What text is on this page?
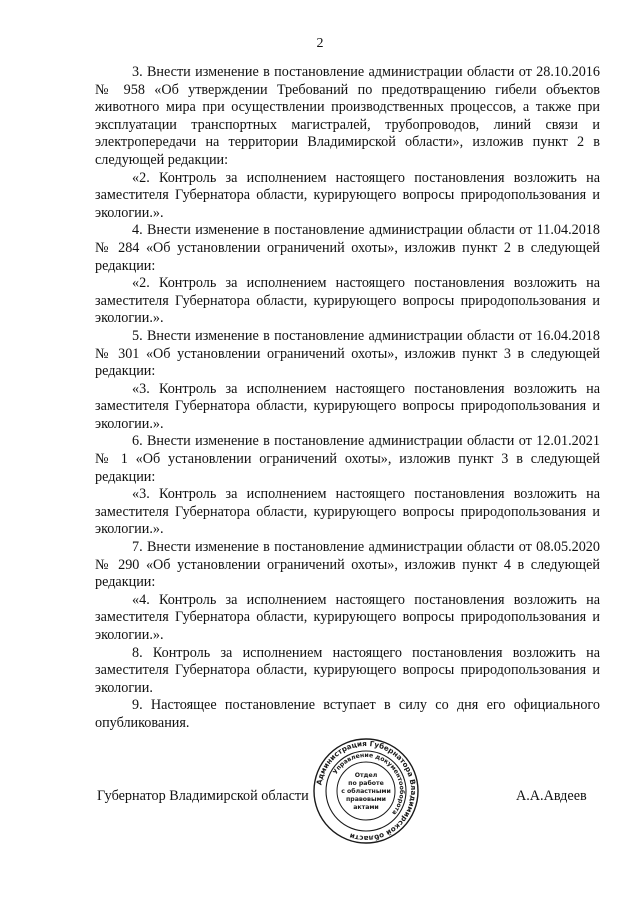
2

3. Внести изменение в постановление администрации области от 28.10.2016 № 958 «Об утверждении Требований по предотвращению гибели объектов животного мира при осуществлении производственных процессов, а также при эксплуатации транспортных магистралей, трубопроводов, линий связи и электропередачи на территории Владимирской области», изложив пункт 2 в следующей редакции:

«2. Контроль за исполнением настоящего постановления возложить на заместителя Губернатора области, курирующего вопросы природопользования и экологии.».

4. Внести изменение в постановление администрации области от 11.04.2018 № 284 «Об установлении ограничений охоты», изложив пункт 2 в следующей редакции:

«2. Контроль за исполнением настоящего постановления возложить на заместителя Губернатора области, курирующего вопросы природопользования и экологии.».

5. Внести изменение в постановление администрации области от 16.04.2018 № 301 «Об установлении ограничений охоты», изложив пункт 3 в следующей редакции:

«3. Контроль за исполнением настоящего постановления возложить на заместителя Губернатора области, курирующего вопросы природопользования и экологии.».

6. Внести изменение в постановление администрации области от 12.01.2021 № 1 «Об установлении ограничений охоты», изложив пункт 3 в следующей редакции:

«3. Контроль за исполнением настоящего постановления возложить на заместителя Губернатора области, курирующего вопросы природопользования и экологии.».

7. Внести изменение в постановление администрации области от 08.05.2020 № 290 «Об установлении ограничений охоты», изложив пункт 4 в следующей редакции:

«4. Контроль за исполнением настоящего постановления возложить на заместителя Губернатора области, курирующего вопросы природопользования и экологии.».

8. Контроль за исполнением настоящего постановления возложить на заместителя Губернатора области, курирующего вопросы природопользования и экологии.

9. Настоящее постановление вступает в силу со дня его официального опубликования.

Губернатор Владимирской области	А.А.Авдеев
Администрация Губернатора Владимирской области
Управление документооборота
Отдел
по работе
с областными
правовыми
актами
